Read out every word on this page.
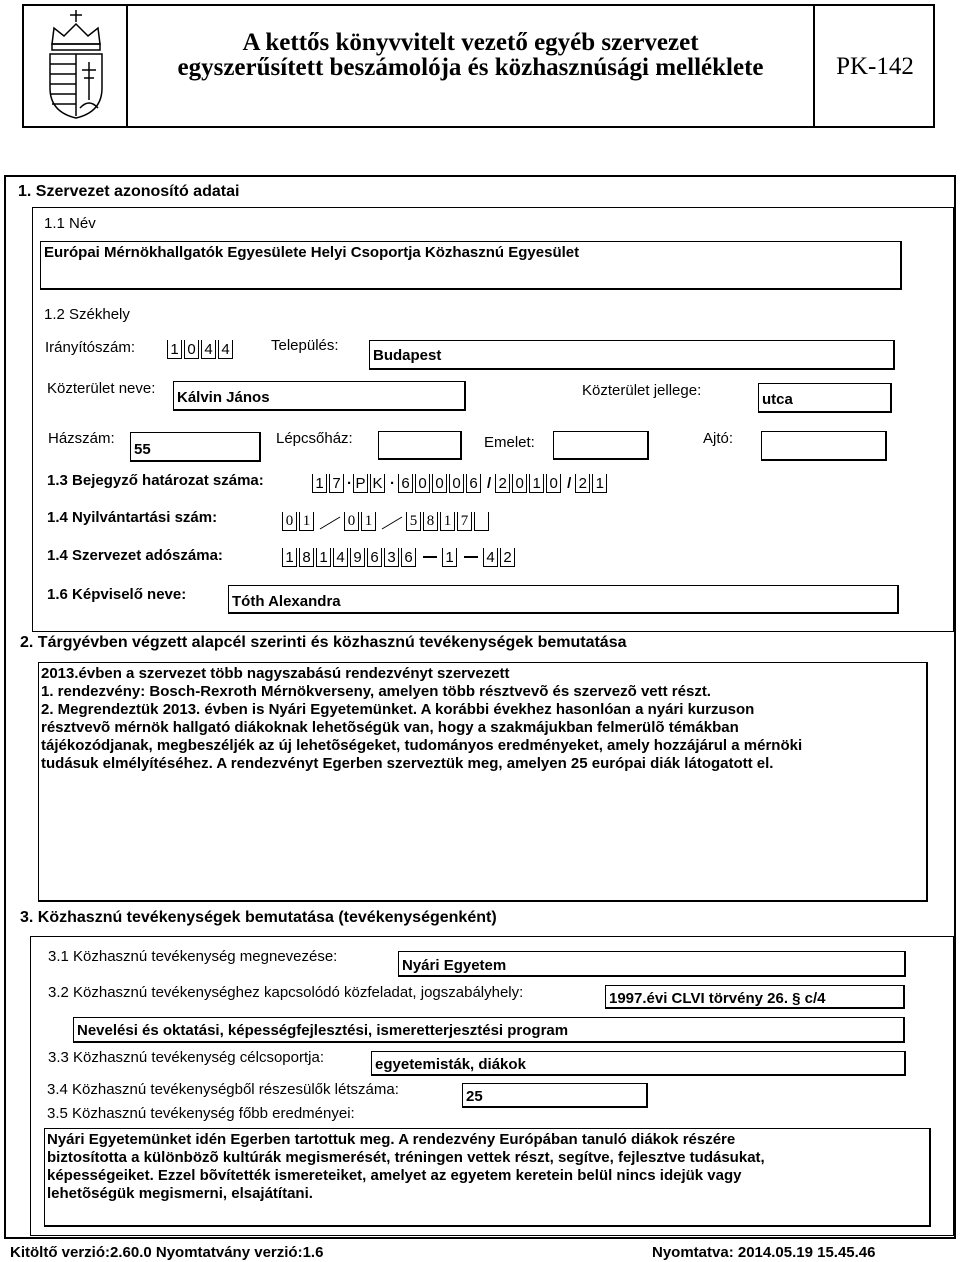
A kettős könyvvitelt vezető egyéb szervezet
egyszerűsített beszámolója és közhasznúsági melléklete	PK-142
1. Szervezet azonosító adatai
1.1 Név
Európai Mérnökhallgatók Egyesülete Helyi Csoportja Közhasznú Egyesület
1.2 Székhely
Irányítószám: 1 0 4 4	Település:
Budapest
Közterület neve:
Kálvin János	Közterület jellege:
utca
Házszám:
55
Lépcsőház:	Emelet:	Ajtó:
1.3 Bejegyző határozat száma:	1 7 · P K · 6 0 0 0 6 / 2 0 1 0 / 2 1
1.4 Nyilvántartási szám:	0 1	0 1	5 8 1 7
1.4 Szervezet adószáma:	1 8 1 4 9 6 3 6 1 4 2
1.6 Képviselő neve:	Tóth Alexandra
2. Tárgyévben végzett alapcél szerinti és közhasznú tevékenységek bemutatása
2013.évben a szervezet több nagyszabású rendezvényt szervezett
1. rendezvény: Bosch-Rexroth Mérnökverseny, amelyen több résztvevõ és szervezõ vett részt.
2. Megrendeztük 2013. évben is Nyári Egyetemünket. A korábbi évekhez hasonlóan a nyári kurzuson
résztvevõ mérnök hallgató diákoknak lehetõségük van, hogy a szakmájukban felmerülõ témákban
tájékozódjanak, megbeszéljék az új lehetõségeket, tudományos eredményeket, amely hozzájárul a mérnöki
tudásuk elmélyítéséhez. A rendezvényt Egerben szerveztük meg, amelyen 25 európai diák látogatott el.
3. Közhasznú tevékenységek bemutatása (tevékenységenként)
3.1 Közhasznú tevékenység megnevezése:
Nyári Egyetem
3.2 Közhasznú tevékenységhez kapcsolódó közfeladat, jogszabályhely:	1997.évi CLVI törvény 26. § c/4
Nevelési és oktatási, képességfejlesztési, ismeretterjesztési program
3.3 Közhasznú tevékenység célcsoportja:	egyetemisták, diákok
3.4 Közhasznú tevékenységből részesülők létszáma:	25
3.5 Közhasznú tevékenység főbb eredményei:
Nyári Egyetemünket idén Egerben tartottuk meg. A rendezvény Európában tanuló diákok részére
biztosította a különbözõ kultúrák megismerését, tréningen vettek részt, segítve, fejlesztve tudásukat,
képességeiket. Ezzel bõvítették ismereteiket, amelyet az egyetem keretein belül nincs idejük vagy
lehetõségük megismerni, elsajátítani.
Kitöltő verzió:2.60.0 Nyomtatvány verzió:1.6	Nyomtatva: 2014.05.19 15.45.46
